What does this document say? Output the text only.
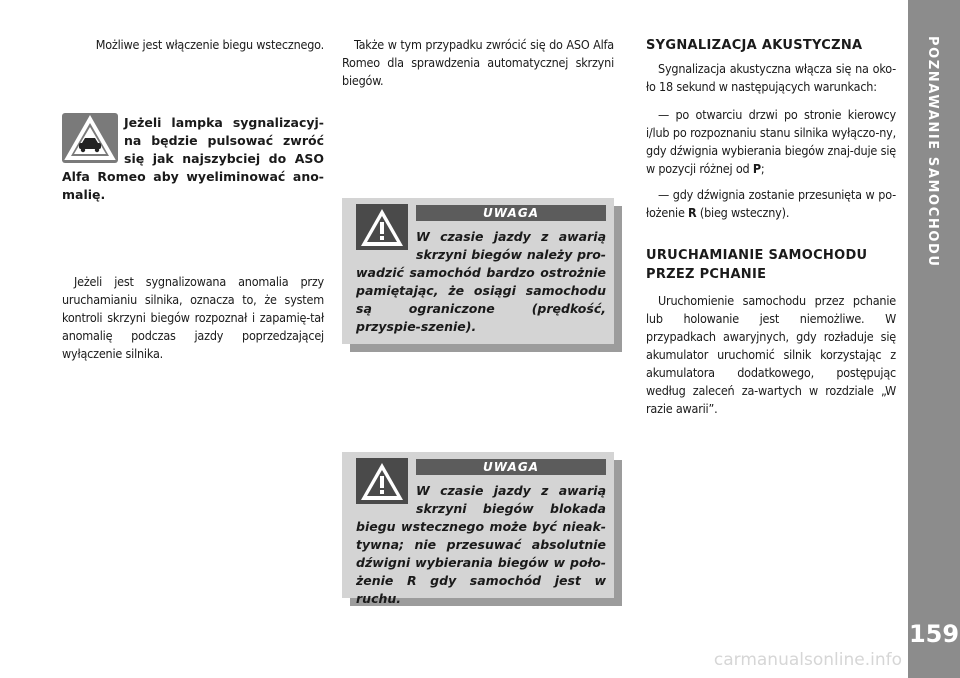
Możliwe jest włączenie biegu wstecznego.
Jeżeli lampka sygnalizacyj-na będzie pulsować zwróć się jak najszybciej do ASO Alfa Romeo aby wyeliminować ano-malię.
Jeżeli jest sygnalizowana anomalia przy uruchamianiu silnika, oznacza to, że system kontroli skrzyni biegów rozpoznał i zapamię-tał anomalię podczas jazdy poprzedzającej wyłączenie silnika.
Także w tym przypadku zwrócić się do ASO Alfa Romeo dla sprawdzenia automatycznej skrzyni biegów.
UWAGA
W czasie jazdy z awarią skrzyni biegów należy pro-wadzić samochód bardzo ostrożnie pamiętając, że osiągi samochodu są ograniczone (prędkość, przyspie-szenie).
UWAGA
W czasie jazdy z awarią skrzyni biegów blokada biegu wstecznego może być nieak-tywna; nie przesuwać absolutnie dźwigni wybierania biegów w poło-żenie R gdy samochód jest w ruchu.
SYGNALIZACJA AKUSTYCZNA
Sygnalizacja akustyczna włącza się na oko-ło 18 sekund w następujących warunkach:
— po otwarciu drzwi po stronie kierowcy i/lub po rozpoznaniu stanu silnika wyłączo-ny, gdy dźwignia wybierania biegów znaj-duje się w pozycji różnej od P;
— gdy dźwignia zostanie przesunięta w po-łożenie R (bieg wsteczny).
URUCHAMIANIE SAMOCHODU
PRZEZ PCHANIE
Uruchomienie samochodu przez pchanie lub holowanie jest niemożliwe. W przypadkach awaryjnych, gdy rozładuje się akumulator uruchomić silnik korzystając z akumulatora dodatkowego, postępując według zaleceń za-wartych w rozdziale „W razie awarii”.
POZNAWANIE SAMOCHODU
159
carmanualsonline.info
